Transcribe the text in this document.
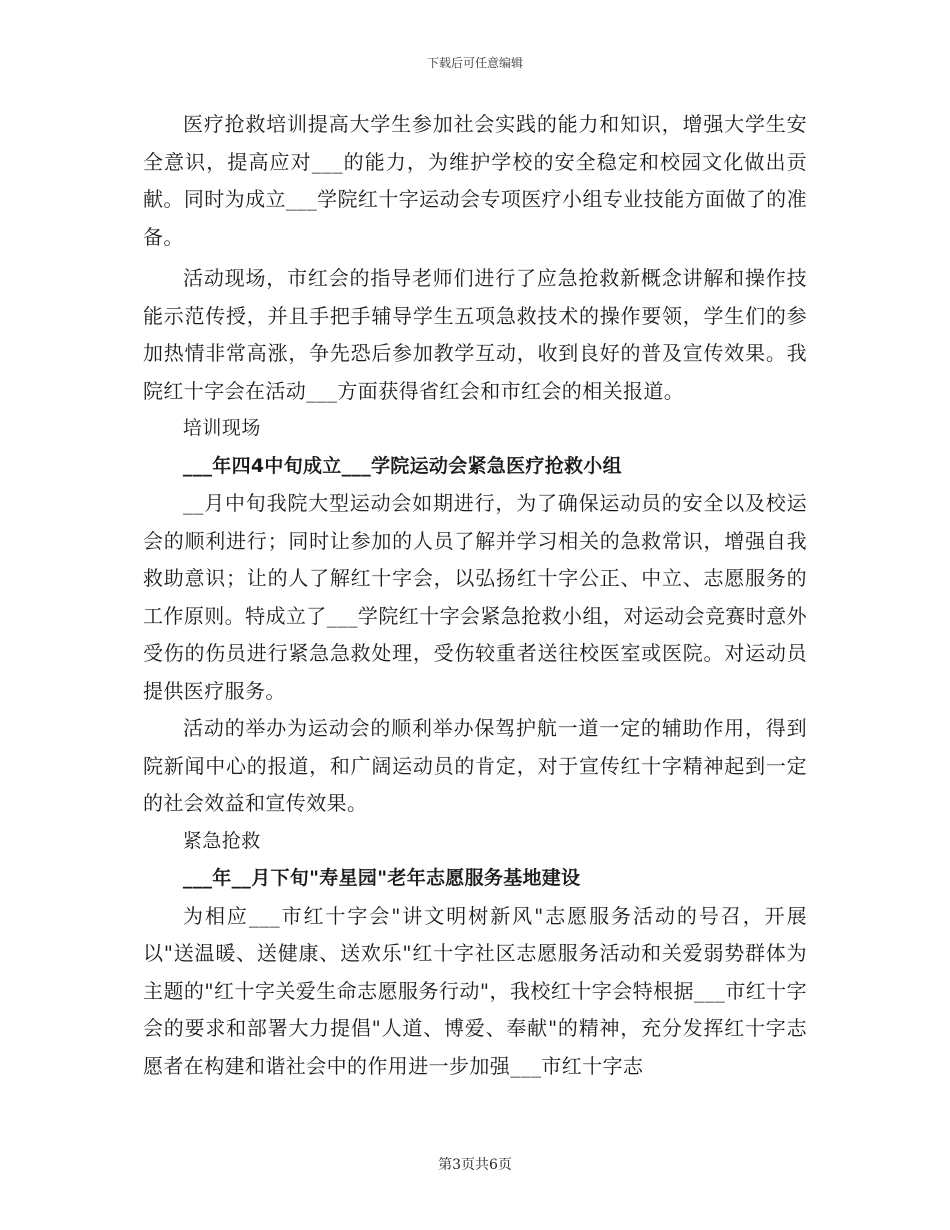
下载后可任意编辑

医疗抢救培训提高大学生参加社会实践的能力和知识，增强大学生安全意识，提高应对___的能力，为维护学校的安全稳定和校园文化做出贡献。同时为成立___学院红十字运动会专项医疗小组专业技能方面做了的准备。

活动现场，市红会的指导老师们进行了应急抢救新概念讲解和操作技能示范传授，并且手把手辅导学生五项急救技术的操作要领，学生们的参加热情非常高涨，争先恐后参加教学互动，收到良好的普及宣传效果。我院红十字会在活动___方面获得省红会和市红会的相关报道。

培训现场

___年四4中旬成立___学院运动会紧急医疗抢救小组

__月中旬我院大型运动会如期进行，为了确保运动员的安全以及校运会的顺利进行；同时让参加的人员了解并学习相关的急救常识，增强自我救助意识；让的人了解红十字会，以弘扬红十字公正、中立、志愿服务的工作原则。特成立了___学院红十字会紧急抢救小组，对运动会竞赛时意外受伤的伤员进行紧急急救处理，受伤较重者送往校医室或医院。对运动员提供医疗服务。

活动的举办为运动会的顺利举办保驾护航一道一定的辅助作用，得到院新闻中心的报道，和广阔运动员的肯定，对于宣传红十字精神起到一定的社会效益和宣传效果。

紧急抢救

___年__月下旬"寿星园"老年志愿服务基地建设

为相应___市红十字会"讲文明树新风"志愿服务活动的号召，开展以"送温暖、送健康、送欢乐"红十字社区志愿服务活动和关爱弱势群体为主题的"红十字关爱生命志愿服务行动"，我校红十字会特根据___市红十字会的要求和部署大力提倡"人道、博爱、奉献"的精神，充分发挥红十字志愿者在构建和谐社会中的作用进一步加强___市红十字志

第3页共6页
